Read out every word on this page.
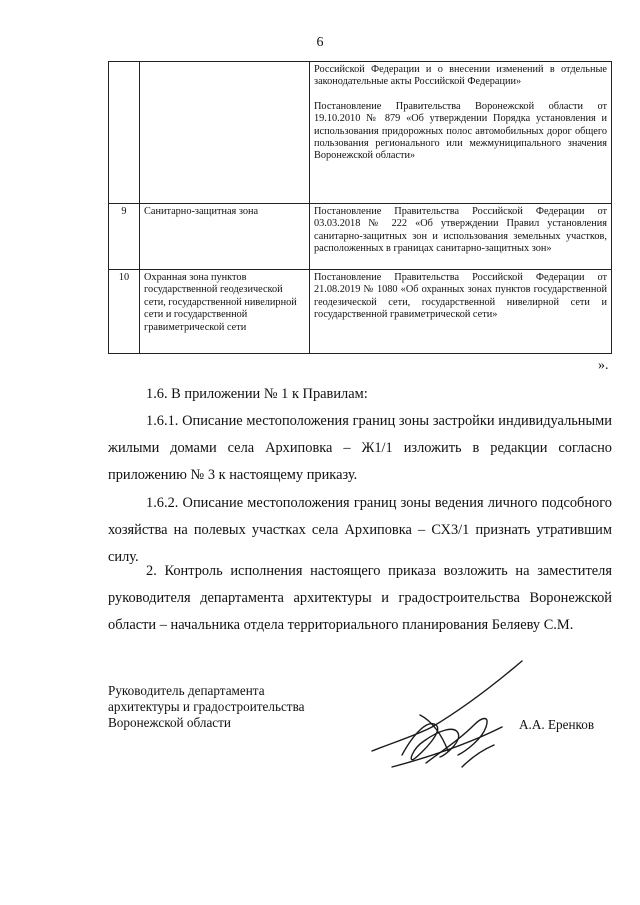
6

		Российской Федерации и о внесении изменений в отдельные законодательные акты Российской Федерации»
Постановление Правительства Воронежской области от 19.10.2010 № 879 «Об утверждении Порядка установления и использования придорожных полос автомобильных дорог общего пользования регионального или межмуниципального значения Воронежской области»

9	Санитарно-защитная зона	Постановление Правительства Российской Федерации от 03.03.2018 № 222 «Об утверждении Правил установления санитарно-защитных зон и использования земельных участков, расположенных в границах санитарно-защитных зон»

10	Охранная зона пунктов государственной геодезической сети, государственной нивелирной сети и государственной гравиметрической сети	Постановление Правительства Российской Федерации от 21.08.2019 № 1080 «Об охранных зонах пунктов государственной геодезической сети, государственной нивелирной сети и государственной гравиметрической сети»
».

1.6. В приложении № 1 к Правилам:

1.6.1. Описание местоположения границ зоны застройки индивидуальными жилыми домами села Архиповка – Ж1/1 изложить в редакции согласно приложению № 3 к настоящему приказу.

1.6.2. Описание местоположения границ зоны ведения личного подсобного хозяйства на полевых участках села Архиповка – СХ3/1 признать утратившим силу.

2. Контроль исполнения настоящего приказа возложить на заместителя руководителя департамента архитектуры и градостроительства Воронежской области – начальника отдела территориального планирования Беляеву С.М.

Руководитель департамента
архитектуры и градостроительства
Воронежской области	А.А. Еренков
